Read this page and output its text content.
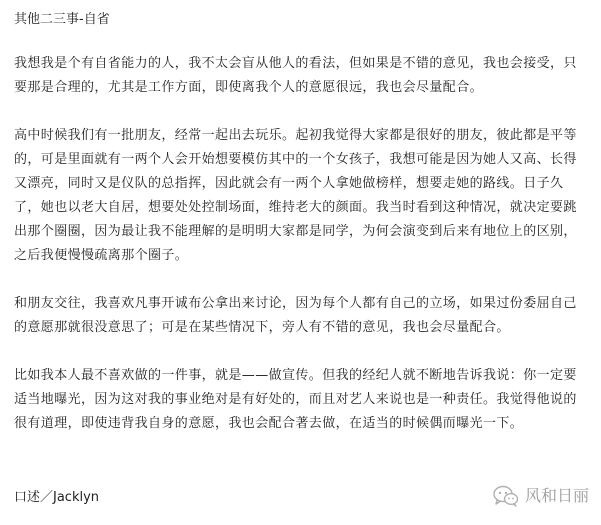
其他二三事-自省

我想我是个有自省能力的人，我不太会盲从他人的看法，但如果是不错的意见，我也会接受，只要那是合理的，尤其是工作方面，即使离我个人的意愿很远，我也会尽量配合。

高中时候我们有一批朋友，经常一起出去玩乐。起初我觉得大家都是很好的朋友，彼此都是平等的，可是里面就有一两个人会开始想要模仿其中的一个女孩子，我想可能是因为她人又高、长得又漂亮，同时又是仪队的总指挥，因此就会有一两个人拿她做榜样，想要走她的路线。日子久了，她也以老大自居，想要处处控制场面，维持老大的颜面。我当时看到这种情况，就决定要跳出那个圈圈，因为最让我不能理解的是明明大家都是同学，为何会演变到后来有地位上的区别，之后我便慢慢疏离那个圈子。

和朋友交往，我喜欢凡事开诚布公拿出来讨论，因为每个人都有自己的立场，如果过份委屈自己的意愿那就很没意思了；可是在某些情况下，旁人有不错的意见，我也会尽量配合。

比如我本人最不喜欢做的一件事，就是——做宣传。但我的经纪人就不断地告诉我说：你一定要适当地曝光，因为这对我的事业绝对是有好处的，而且对艺人来说也是一种责任。我觉得他说的很有道理，即使违背我自身的意愿，我也会配合著去做，在适当的时候偶而曝光一下。

口述／Jacklyn	风和日丽
